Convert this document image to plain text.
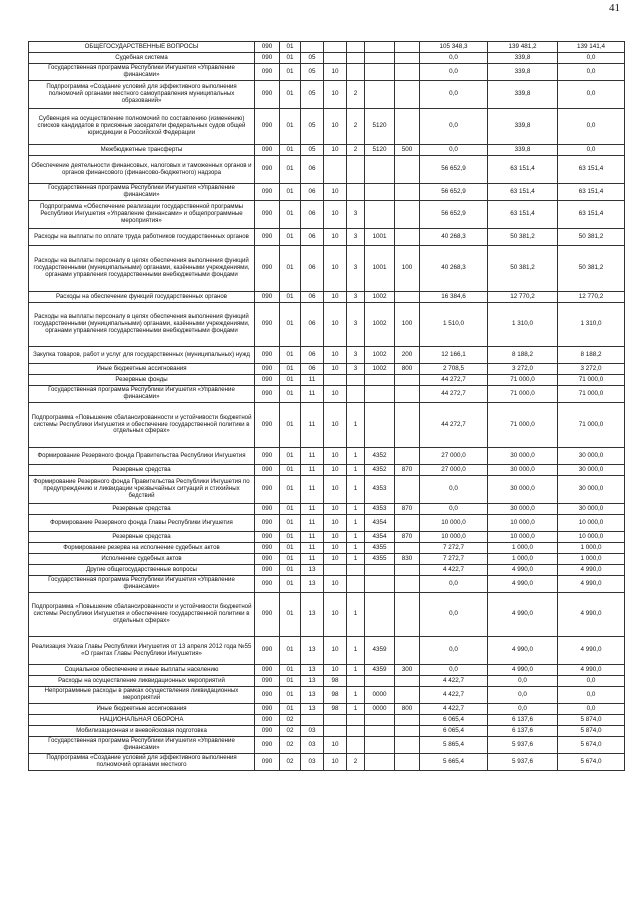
41
ОБЩЕГОСУДАРСТВЕННЫЕ ВОПРОСЫ	090	01						105 348,3	139 481,2	139 141,4
Судебная система	090	01	05					0,0	339,8	0,0
Государственная программа Республики Ингушетия «Управление финансами»	090	01	05	10				0,0	339,8	0,0
Подпрограмма «Создание условий для эффективного выполнения полномочий органами местного самоуправления муниципальных образований»	090	01	05	10	2			0,0	339,8	0,0
Субвенция на осуществление полномочий по составлению (изменению) списков кандидатов в присяжные заседатели федеральных судов общей юрисдикции в Российской Федерации	090	01	05	10	2	5120		0,0	339,8	0,0
Межбюджетные трансферты	090	01	05	10	2	5120	500	0,0	339,8	0,0
Обеспечение деятельности финансовых, налоговых и таможенных органов и органов финансового (финансово-бюджетного) надзора	090	01	06					56 652,9	63 151,4	63 151,4
Государственная программа Республики Ингушетия «Управление финансами»	090	01	06	10				56 652,9	63 151,4	63 151,4
Подпрограмма «Обеспечение реализации государственной программы Республики Ингушетия «Управление финансами» и общепрограммные мероприятия»	090	01	06	10	3			56 652,9	63 151,4	63 151,4
Расходы на выплаты по оплате труда работников государственных органов	090	01	06	10	3	1001		40 268,3	50 381,2	50 381,2
Расходы на выплаты персоналу в целях обеспечения выполнения функций государственными (муниципальными) органами, казёнными учреждениями, органами управления государственными внебюджетными фондами	090	01	06	10	3	1001	100	40 268,3	50 381,2	50 381,2
Расходы на обеспечение функций государственных органов	090	01	06	10	3	1002		16 384,6	12 770,2	12 770,2
Расходы на выплаты персоналу в целях обеспечения выполнения функций государственными (муниципальными) органами, казёнными учреждениями, органами управления государственными внебюджетными фондами	090	01	06	10	3	1002	100	1 510,0	1 310,0	1 310,0
Закупка товаров, работ и услуг для государственных (муниципальных) нужд	090	01	06	10	3	1002	200	12 166,1	8 188,2	8 188,2
Иные бюджетные ассигнования	090	01	06	10	3	1002	800	2 708,5	3 272,0	3 272,0
Резервные фонды	090	01	11					44 272,7	71 000,0	71 000,0
Государственная программа Республики Ингушетия «Управление финансами»	090	01	11	10				44 272,7	71 000,0	71 000,0
Подпрограмма «Повышение сбалансированности и устойчивости бюджетной системы Республики Ингушетия и обеспечение государственной политики в отдельных сферах»	090	01	11	10	1			44 272,7	71 000,0	71 000,0
Формирование Резервного фонда Правительства Республики Ингушетия	090	01	11	10	1	4352		27 000,0	30 000,0	30 000,0
Резервные средства	090	01	11	10	1	4352	870	27 000,0	30 000,0	30 000,0
Формирование Резервного фонда Правительства Республики Ингушетия по предупреждению и ликвидации чрезвычайных ситуаций и стихийных бедствий	090	01	11	10	1	4353		0,0	30 000,0	30 000,0
Резервные средства	090	01	11	10	1	4353	870	0,0	30 000,0	30 000,0
Формирование Резервного фонда Главы Республики Ингушетия	090	01	11	10	1	4354		10 000,0	10 000,0	10 000,0
Резервные средства	090	01	11	10	1	4354	870	10 000,0	10 000,0	10 000,0
Формирование резерва на исполнение судебных актов	090	01	11	10	1	4355		7 272,7	1 000,0	1 000,0
Исполнение судебных актов	090	01	11	10	1	4355	830	7 272,7	1 000,0	1 000,0
Другие общегосударственные вопросы	090	01	13					4 422,7	4 990,0	4 990,0
Государственная программа Республики Ингушетия «Управление финансами»	090	01	13	10				0,0	4 990,0	4 990,0
Подпрограмма «Повышение сбалансированности и устойчивости бюджетной системы Республики Ингушетия и обеспечение государственной политики в отдельных сферах»	090	01	13	10	1			0,0	4 990,0	4 990,0
Реализация Указа Главы Республики Ингушетия от 13 апреля 2012 года №55 «О грантах Главы Республики Ингушетия»	090	01	13	10	1	4359		0,0	4 990,0	4 990,0
Социальное обеспечение и иные выплаты населению	090	01	13	10	1	4359	300	0,0	4 990,0	4 990,0
Расходы на осуществление ликвидационных мероприятий	090	01	13	98				4 422,7	0,0	0,0
Непрограммные расходы в рамках осуществления ликвидационных мероприятий	090	01	13	98	1	0000		4 422,7	0,0	0,0
Иные бюджетные ассигнования	090	01	13	98	1	0000	800	4 422,7	0,0	0,0
НАЦИОНАЛЬНАЯ ОБОРОНА	090	02						6 065,4	6 137,6	5 874,0
Мобилизационная и вневойсковая подготовка	090	02	03					6 065,4	6 137,6	5 874,0
Государственная программа Республики Ингушетия «Управление финансами»	090	02	03	10				5 865,4	5 937,6	5 674,0
Подпрограмма «Создание условий для эффективного выполнения полномочий органами местного	090	02	03	10	2			5 665,4	5 937,6	5 674,0
